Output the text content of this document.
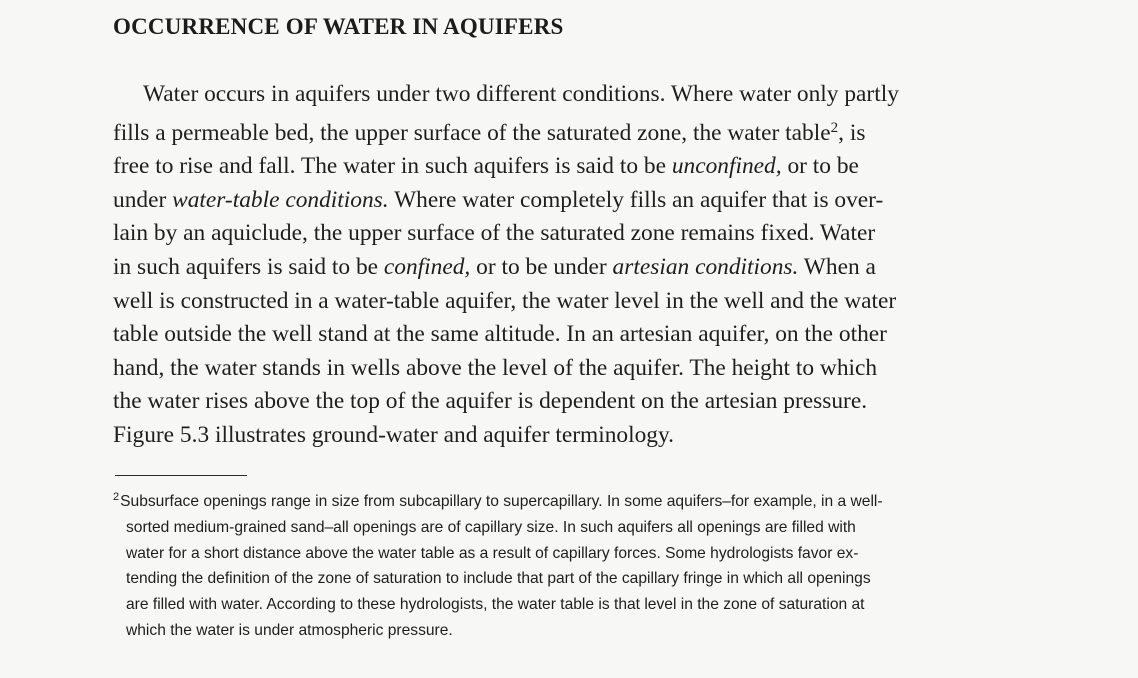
OCCURRENCE OF WATER IN AQUIFERS
Water occurs in aquifers under two different conditions. Where water only partly
fills a permeable bed, the upper surface of the saturated zone, the water table$^2$, is
free to rise and fall. The water in such aquifers is said to be unconfined, or to be
under water-table conditions. Where water completely fills an aquifer that is over-
lain by an aquiclude, the upper surface of the saturated zone remains fixed. Water
in such aquifers is said to be confined, or to be under artesian conditions. When a
well is constructed in a water-table aquifer, the water level in the well and the water
table outside the well stand at the same altitude. In an artesian aquifer, on the other
hand, the water stands in wells above the level of the aquifer. The height to which
the water rises above the top of the aquifer is dependent on the artesian pressure.
Figure 5.3 illustrates ground-water and aquifer terminology.
$^2$Subsurface openings range in size from subcapillary to supercapillary. In some aquifers–for example, in a well-
sorted medium-grained sand–all openings are of capillary size. In such aquifers all openings are filled with
water for a short distance above the water table as a result of capillary forces. Some hydrologists favor ex-
tending the definition of the zone of saturation to include that part of the capillary fringe in which all openings
are filled with water. According to these hydrologists, the water table is that level in the zone of saturation at
which the water is under atmospheric pressure.
